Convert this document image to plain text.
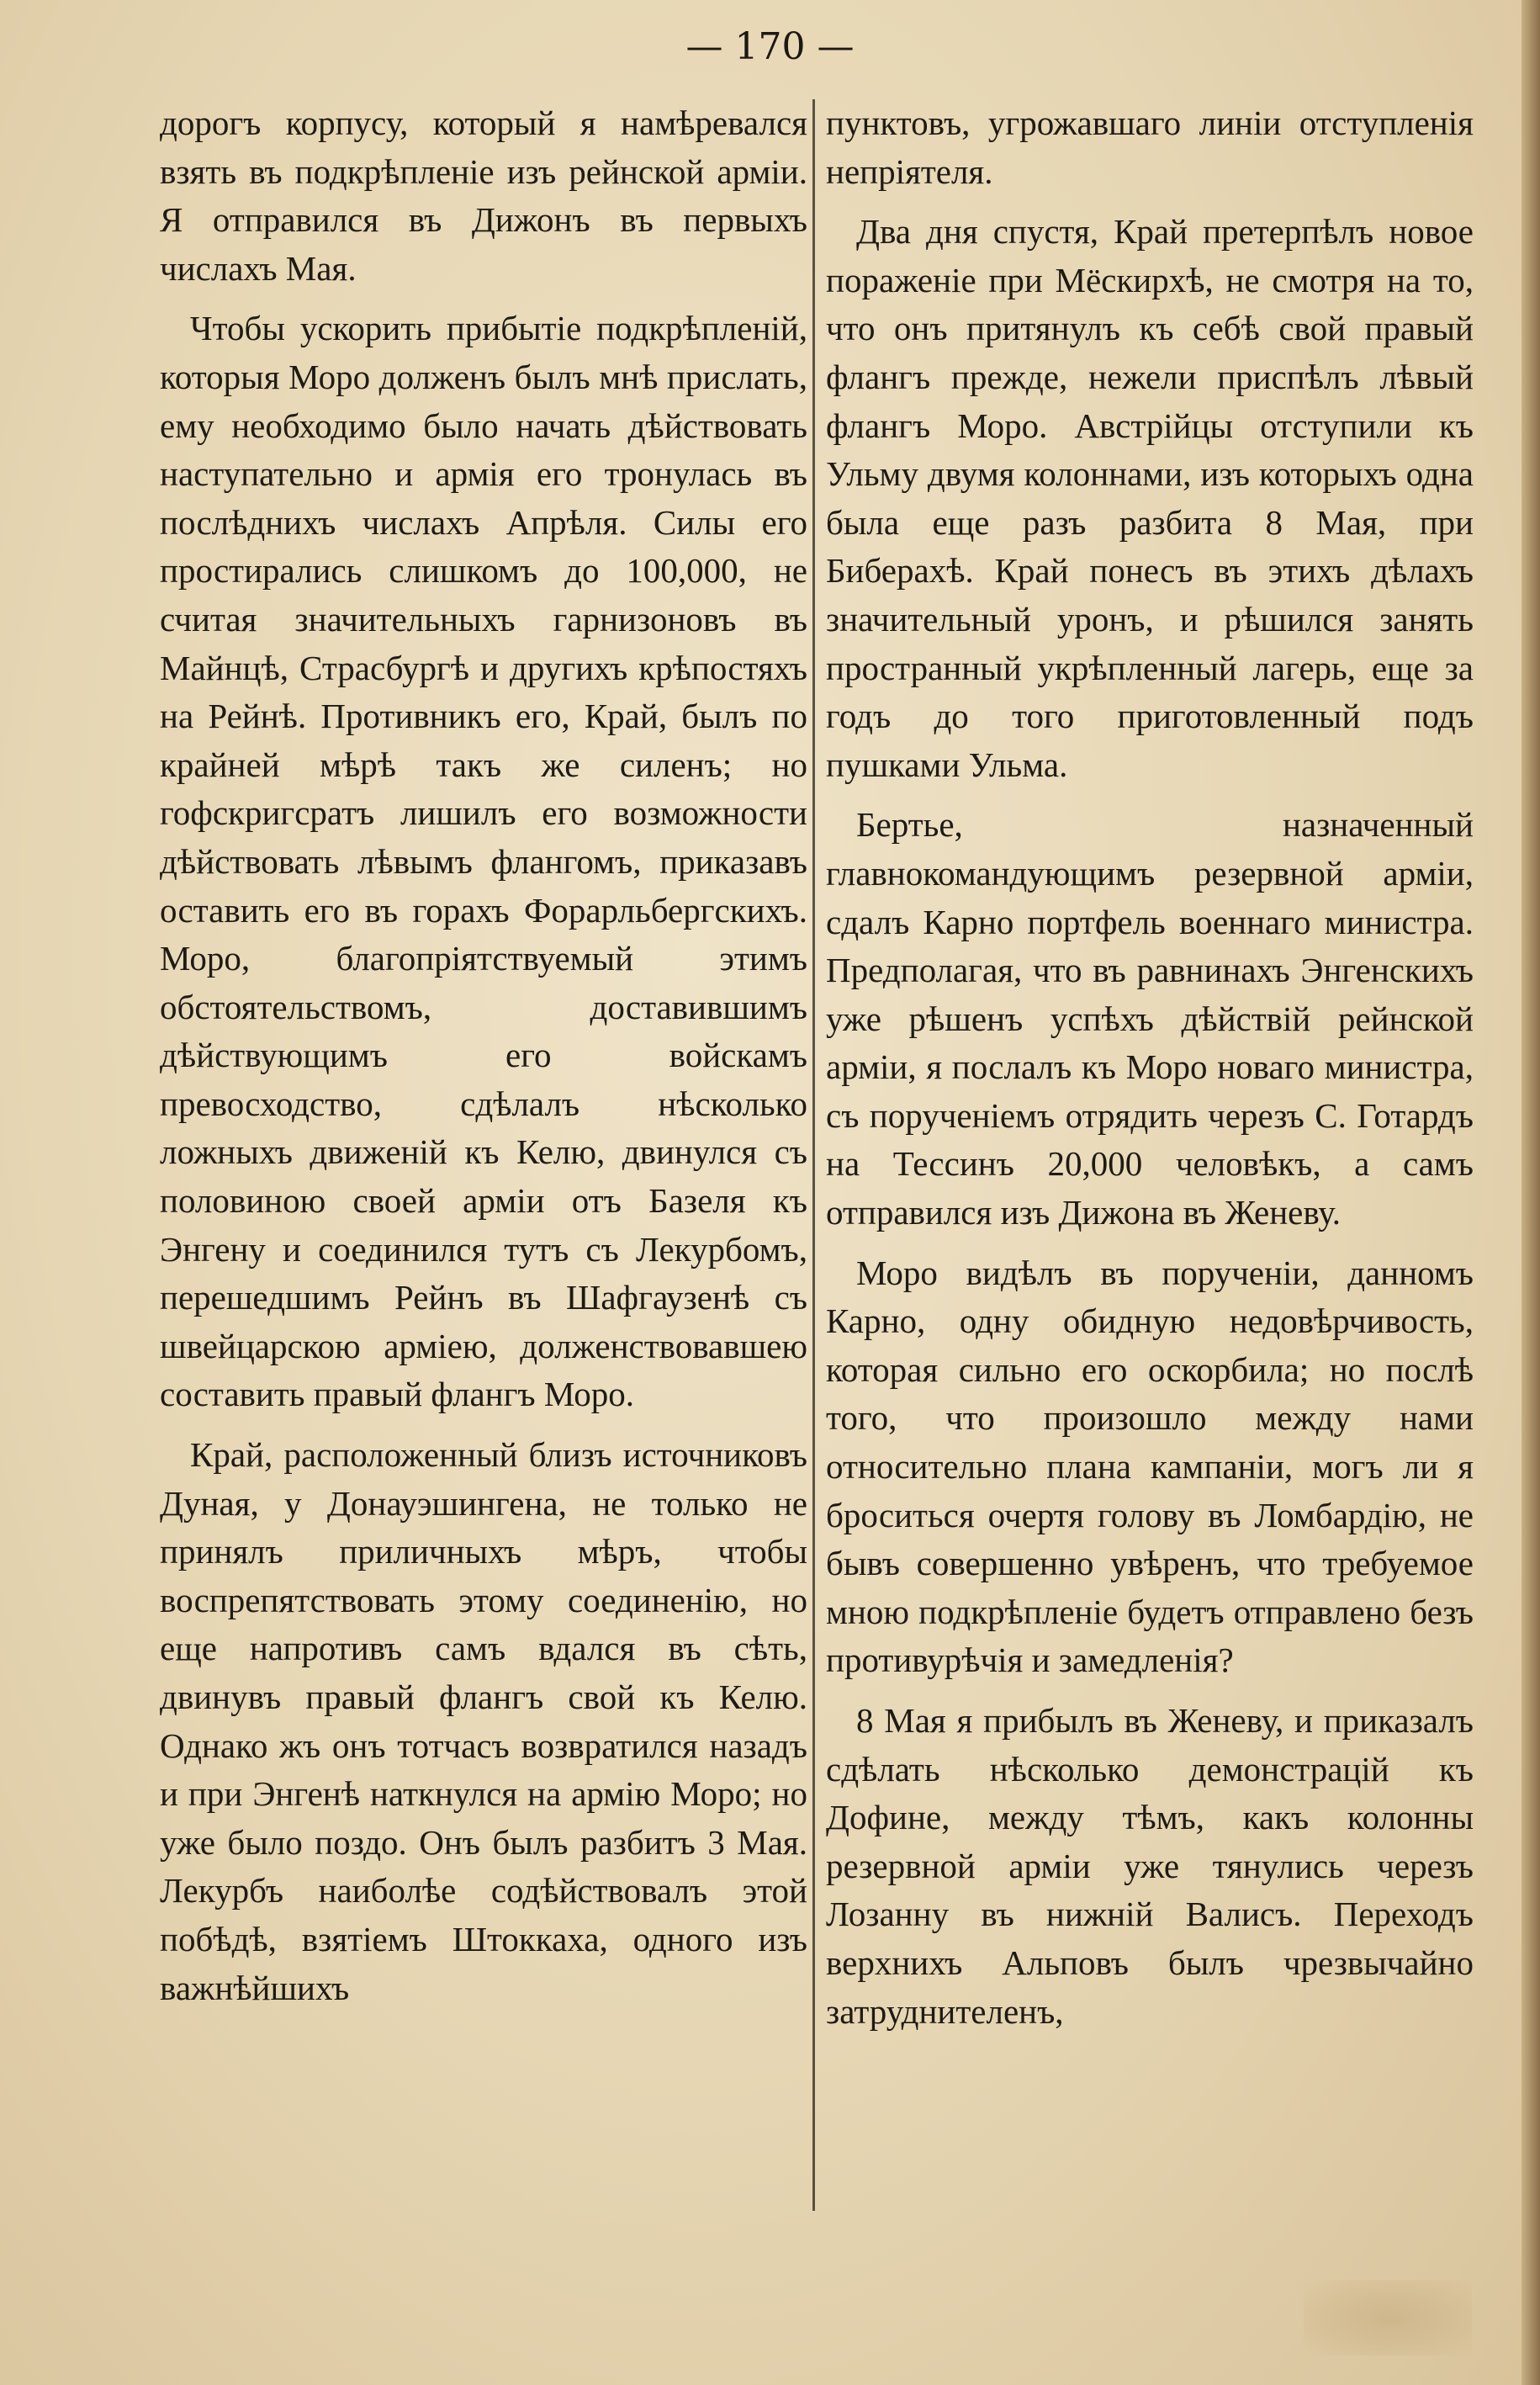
— 170 —

дорогъ корпусу, который я намѣревался взять въ подкрѣпленіе изъ рейнской арміи. Я отправился въ Дижонъ въ первыхъ числахъ Мая.

Чтобы ускорить прибытіе подкрѣпленій, которыя Моро долженъ былъ мнѣ прислать, ему необходимо было начать дѣйствовать наступательно и армія его тронулась въ послѣднихъ числахъ Апрѣля. Силы его простирались слишкомъ до 100,000, не считая значительныхъ гарнизоновъ въ Майнцѣ, Страсбургѣ и другихъ крѣпостяхъ на Рейнѣ. Противникъ его, Край, былъ по крайней мѣрѣ такъ же силенъ; но гофскригсратъ лишилъ его возможности дѣйствовать лѣвымъ флангомъ, приказавъ оставить его въ горахъ Форарльбергскихъ. Моро, благопріятствуемый этимъ обстоятельствомъ, доставившимъ дѣйствующимъ его войскамъ превосходство, сдѣлалъ нѣсколько ложныхъ движеній къ Келю, двинулся съ половиною своей арміи отъ Базеля къ Энгену и соединился тутъ съ Лекурбомъ, перешедшимъ Рейнъ въ Шафгаузенѣ съ швейцарскою арміею, долженствовавшею составить правый флангъ Моро.

Край, расположенный близъ источниковъ Дуная, у Донауэшингена, не только не принялъ приличныхъ мѣръ, чтобы воспрепятствовать этому соединенію, но еще напротивъ самъ вдался въ сѣть, двинувъ правый флангъ свой къ Келю. Однако жъ онъ тотчасъ возвратился назадъ и при Энгенѣ наткнулся на армію Моро; но уже было поздо. Онъ былъ разбитъ 3 Мая. Лекурбъ наиболѣе содѣйствовалъ этой побѣдѣ, взятіемъ Штоккаха, одного изъ важнѣйшихъ

пунктовъ, угрожавшаго линіи отступленія непріятеля.

Два дня спустя, Край претерпѣлъ новое пораженіе при Мёскирхѣ, не смотря на то, что онъ притянулъ къ себѣ свой правый флангъ прежде, нежели приспѣлъ лѣвый флангъ Моро. Австрійцы отступили къ Ульму двумя колоннами, изъ которыхъ одна была еще разъ разбита 8 Мая, при Биберахѣ. Край понесъ въ этихъ дѣлахъ значительный уронъ, и рѣшился занять пространный укрѣпленный лагерь, еще за годъ до того приготовленный подъ пушками Ульма.

Бертье, назначенный главнокомандующимъ резервной арміи, сдалъ Карно портфель военнаго министра. Предполагая, что въ равнинахъ Энгенскихъ уже рѣшенъ успѣхъ дѣйствій рейнской арміи, я послалъ къ Моро новаго министра, съ порученіемъ отрядить черезъ С. Готардъ на Тессинъ 20,000 человѣкъ, а самъ отправился изъ Дижона въ Женеву.

Моро видѣлъ въ порученіи, данномъ Карно, одну обидную недовѣрчивость, которая сильно его оскорбила; но послѣ того, что произошло между нами относительно плана кампаніи, могъ ли я броситься очертя голову въ Ломбардію, не бывъ совершенно увѣренъ, что требуемое мною подкрѣпленіе будетъ отправлено безъ противурѣчія и замедленія?

8 Мая я прибылъ въ Женеву, и приказалъ сдѣлать нѣсколько демонстрацій къ Дофине, между тѣмъ, какъ колонны резервной арміи уже тянулись черезъ Лозанну въ нижній Валисъ. Переходъ верхнихъ Альповъ былъ чрезвычайно затруднителенъ,
